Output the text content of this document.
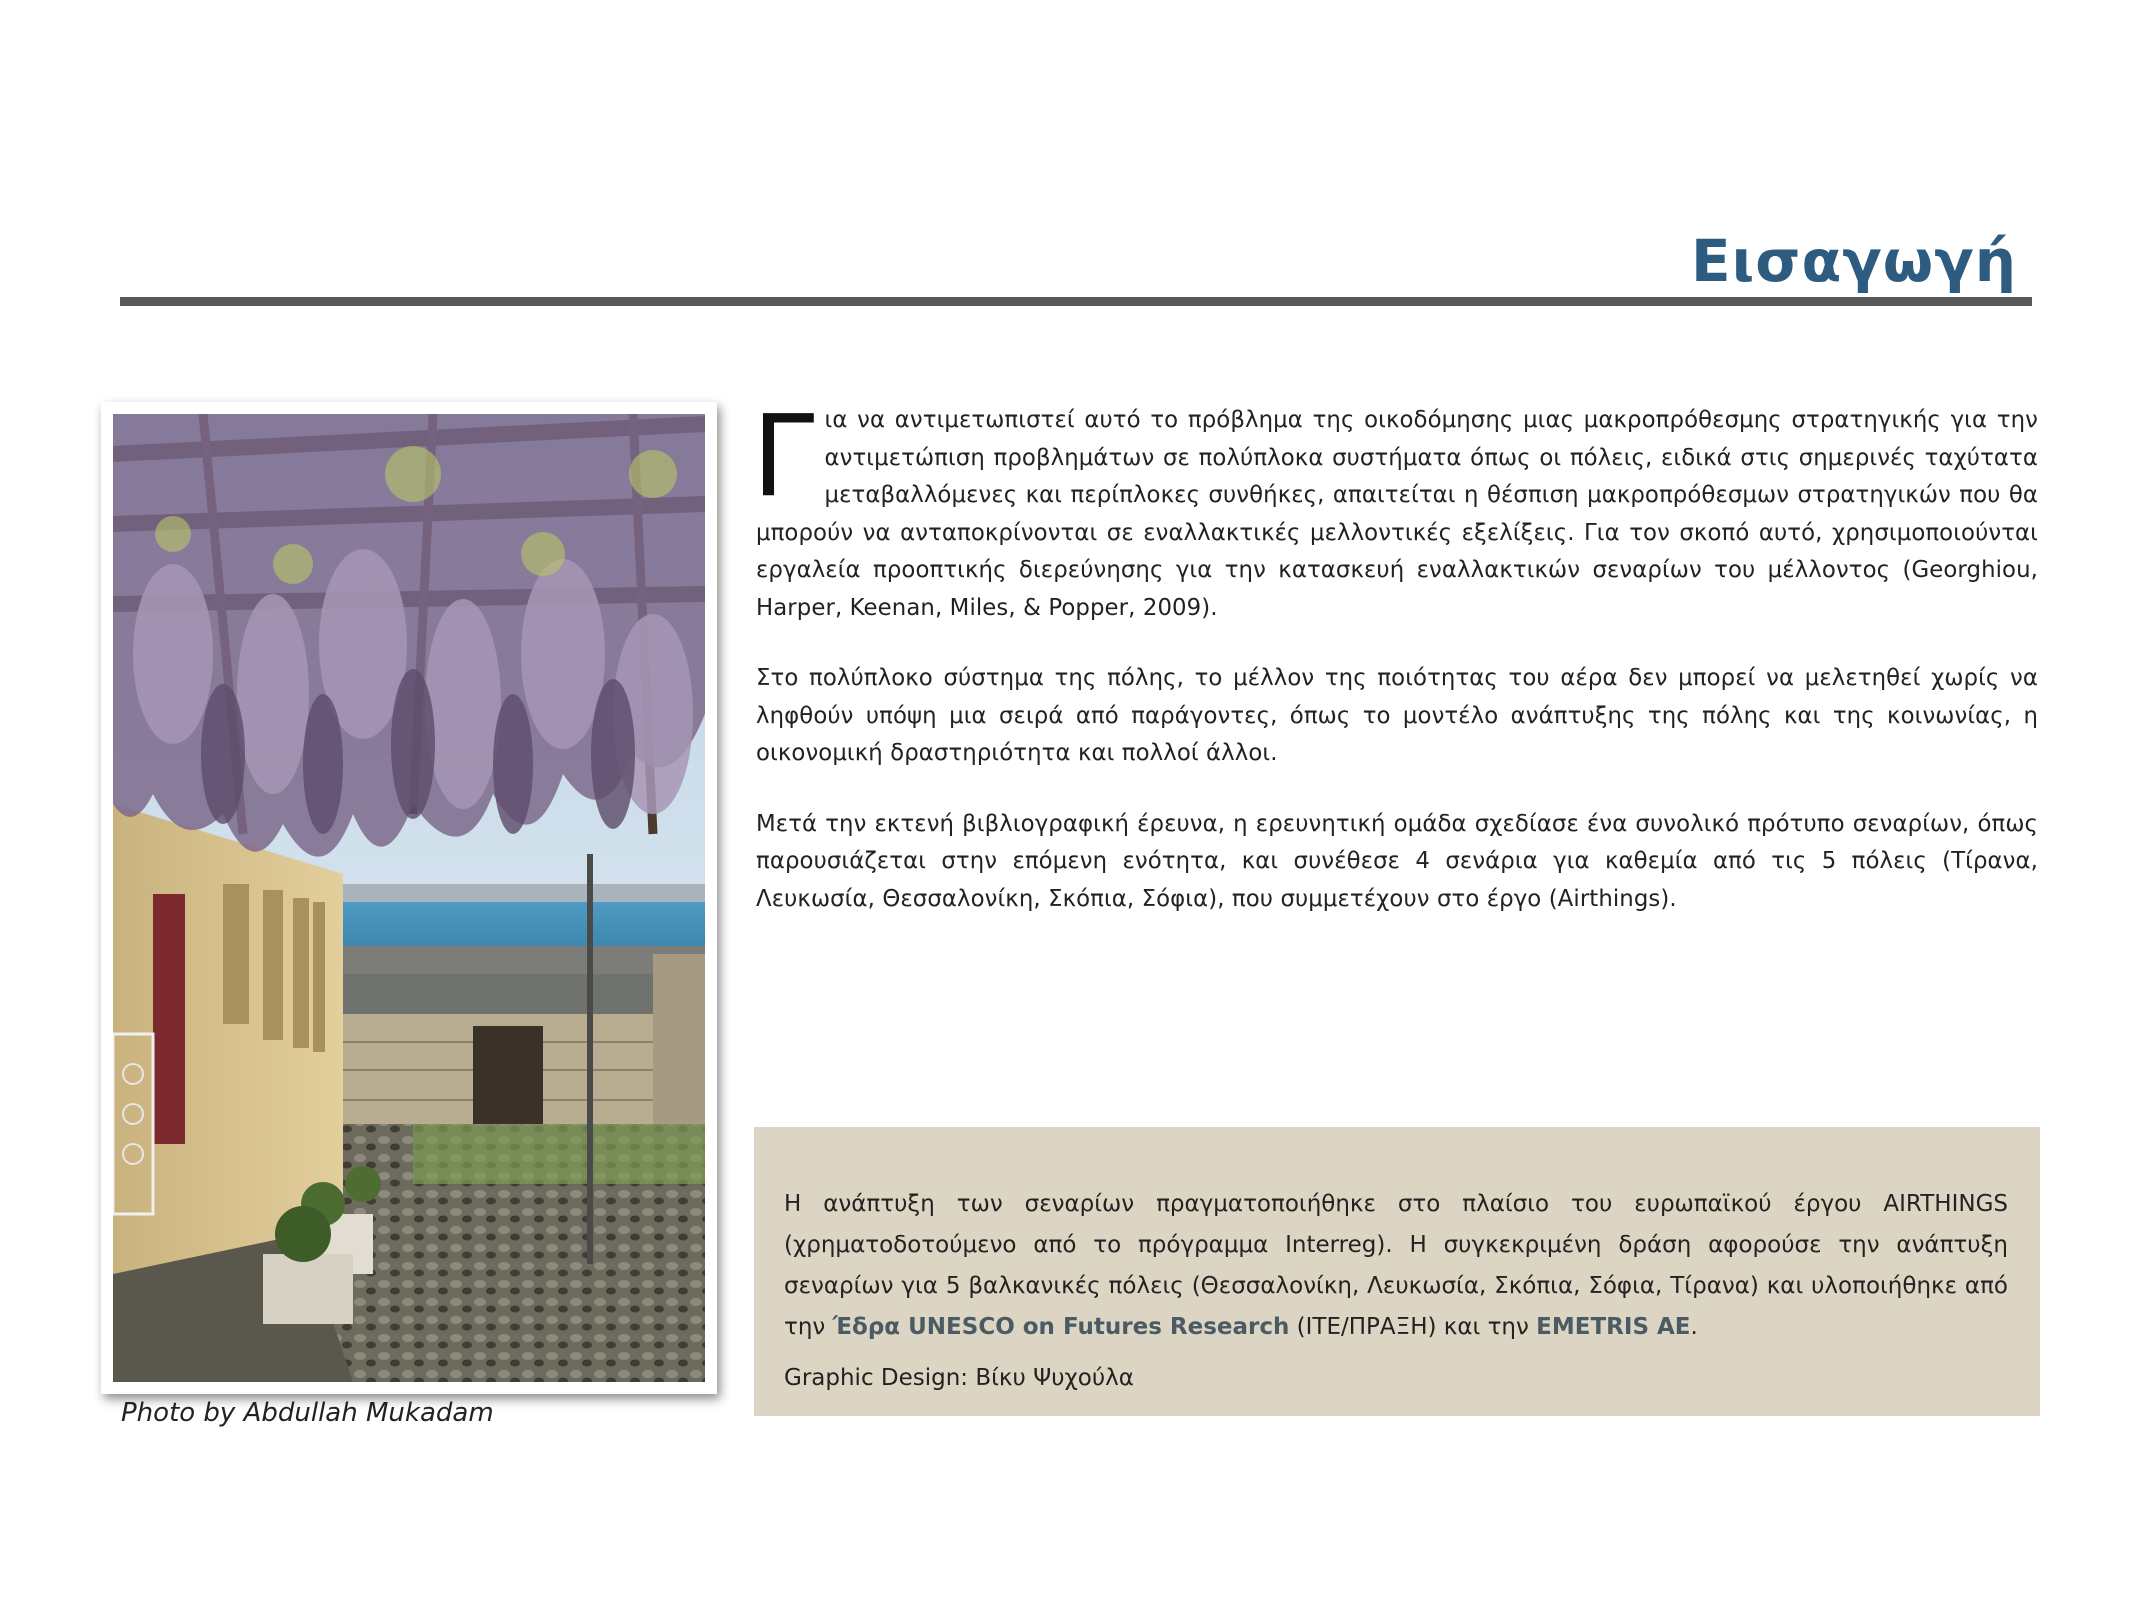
Εισαγωγή
Photo by Abdullah Mukadam

Για να αντιμετωπιστεί αυτό το πρόβλημα της οικοδόμησης μιας μακροπρόθεσμης στρατηγικής για την αντιμετώπιση προβλημάτων σε πολύπλοκα συστήματα όπως οι πόλεις, ειδικά στις σημερινές ταχύτατα μεταβαλλόμενες και περίπλοκες συνθήκες, απαιτείται η θέσπιση μακροπρόθεσμων στρατηγικών που θα μπορούν να ανταποκρίνονται σε εναλλακτικές μελλοντικές εξελίξεις. Για τον σκοπό αυτό, χρησιμοποιούνται εργαλεία προοπτικής διερεύνησης για την κατασκευή εναλλακτικών σεναρίων του μέλλοντος (Georghiou, Harper, Keenan, Miles, & Popper, 2009).

Στο πολύπλοκο σύστημα της πόλης, το μέλλον της ποιότητας του αέρα δεν μπορεί να μελετηθεί χωρίς να ληφθούν υπόψη μια σειρά από παράγοντες, όπως το μοντέλο ανάπτυξης της πόλης και της κοινωνίας, η οικονομική δραστηριότητα και πολλοί άλλοι.

Μετά την εκτενή βιβλιογραφική έρευνα, η ερευνητική ομάδα σχεδίασε ένα συνολικό πρότυπο σεναρίων, όπως παρουσιάζεται στην επόμενη ενότητα, και συνέθεσε 4 σενάρια για καθεμία από τις 5 πόλεις (Τίρανα, Λευκωσία, Θεσσαλονίκη, Σκόπια, Σόφια), που συμμετέχουν στο έργο (Airthings).

Η ανάπτυξη των σεναρίων πραγματοποιήθηκε στο πλαίσιο του ευρωπαϊκού έργου AIRTHINGS (χρηματοδοτούμενο από το πρόγραμμα Interreg). Η συγκεκριμένη δράση αφορούσε την ανάπτυξη σεναρίων για 5 βαλκανικές πόλεις (Θεσσαλονίκη, Λευκωσία, Σκόπια, Σόφια, Τίρανα) και υλοποιήθηκε από την Έδρα UNESCO on Futures Research (ΙΤΕ/ΠΡΑΞΗ) και την EMETRIS AE.
Graphic Design: Βίκυ Ψυχούλα
